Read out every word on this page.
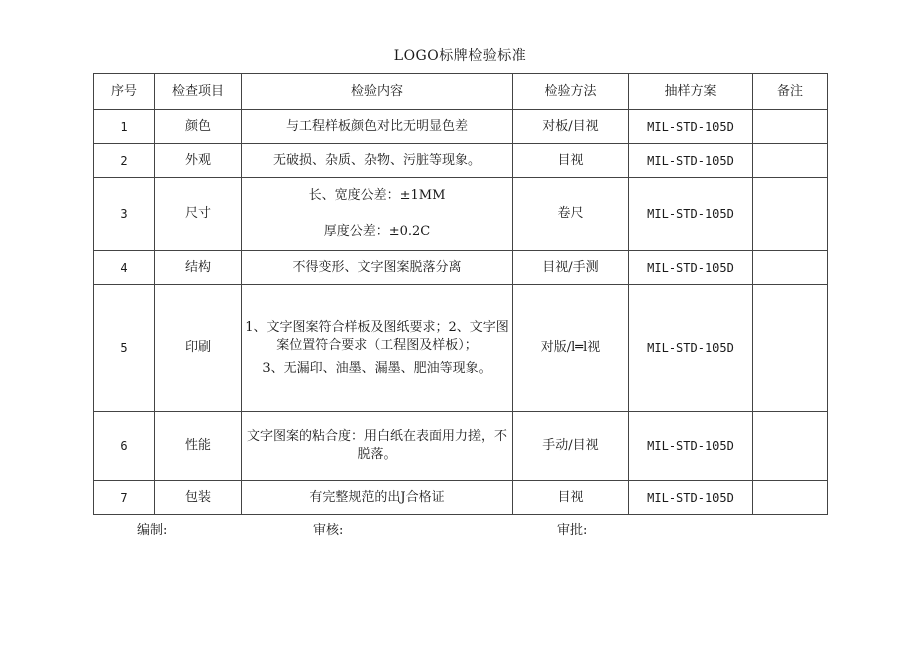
LOGO标牌检验标准
序号	检查项目	检验内容	检验方法	抽样方案	备注
1	颜色	与工程样板颜色对比无明显色差	对板/目视	MIL-STD-105D	
2	外观	无破损、杂质、杂物、污脏等现象。	目视	MIL-STD-105D	
3	尺寸	长、宽度公差：±1MM
厚度公差：±0.2C	卷尺	MIL-STD-105D	
4	结构	不得变形、文字图案脱落分离	目视/手测	MIL-STD-105D	
5	印刷	1、文字图案符合样板及图纸要求；2、文字图案位置符合要求（工程图及样板）；
3、无漏印、油墨、漏墨、肥油等现象。	对版/l═l视	MIL-STD-105D	
6	性能	文字图案的粘合度：用白纸在表面用力搓，不脱落。	手动/目视	MIL-STD-105D	
7	包装	有完整规范的出J合格证	目视	MIL-STD-105D	
编制:	审核:	审批:
